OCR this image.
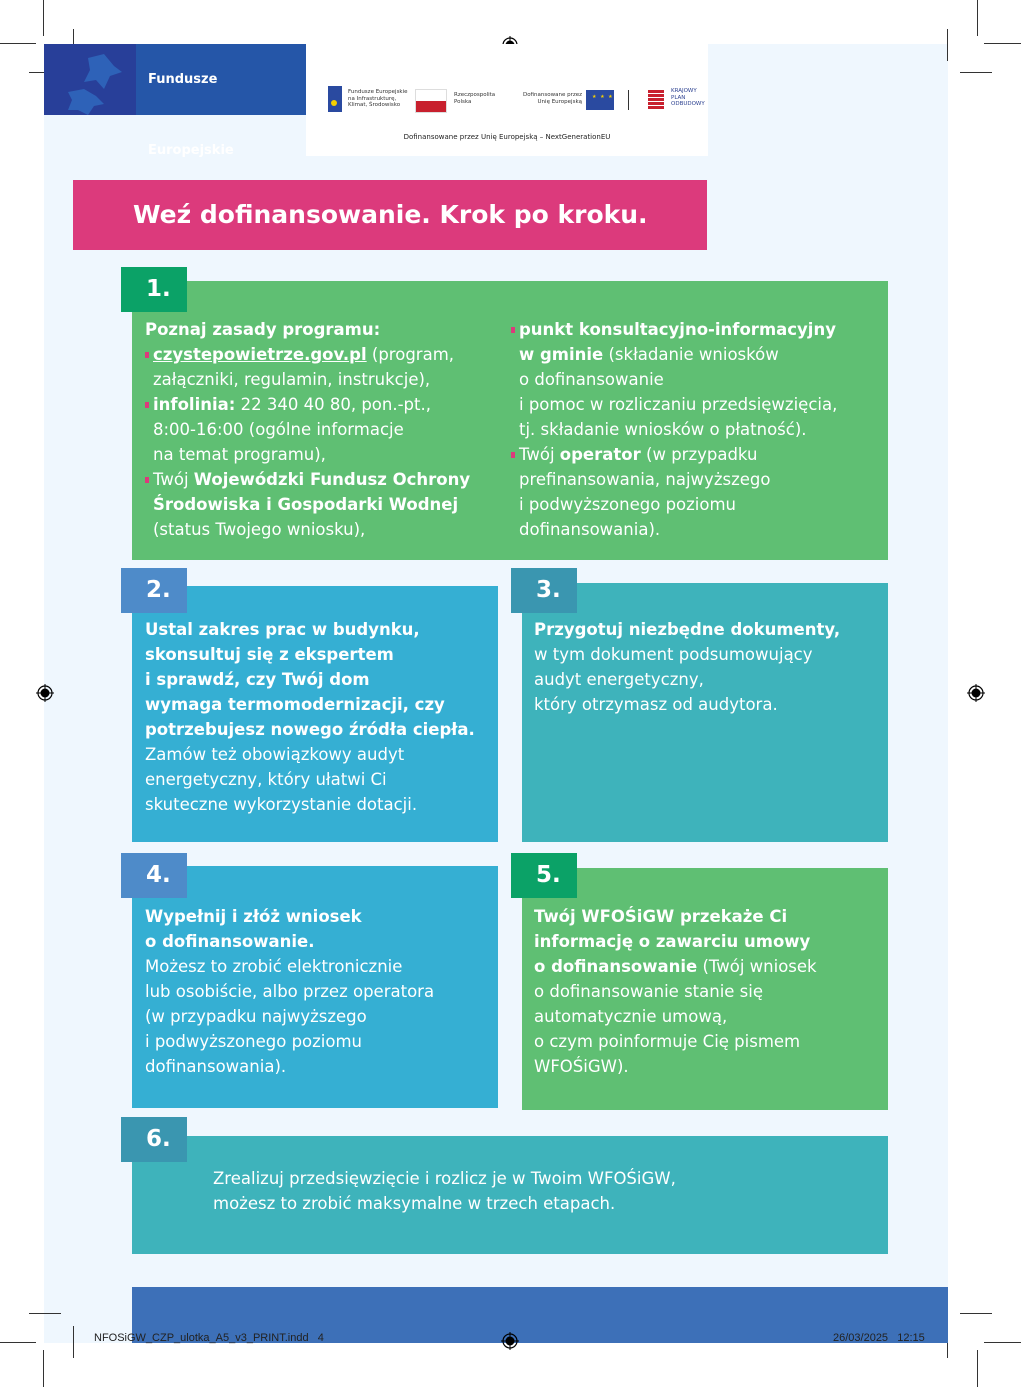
Fundusze Europejskie
Fundusze Europejskie
na Infrastrukturę,
Klimat, Środowisko
Rzeczpospolita
Polska
Dofinansowane przez
Unię Europejską
★ ★ ★
KRAJOWY
PLAN
ODBUDOWY
Dofinansowane przez Unię Europejską – NextGenerationEU
Weź dofinansowanie. Krok po kroku.
1.
Poznaj zasady programu:
czystepowietrze.gov.pl (program,
załączniki, regulamin, instrukcje),
infolinia: 22 340 40 80, pon.-pt.,
8:00-16:00 (ogólne informacje
na temat programu),
Twój Wojewódzki Fundusz Ochrony
Środowiska i Gospodarki Wodnej
(status Twojego wniosku),
punkt konsultacyjno-informacyjny
w gminie (składanie wniosków
o dofinansowanie
i pomoc w rozliczaniu przedsięwzięcia,
tj. składanie wniosków o płatność).
Twój operator (w przypadku
prefinansowania, najwyższego
i podwyższonego poziomu
dofinansowania).
2.
Ustal zakres prac w budynku,
skonsultuj się z ekspertem
i sprawdź, czy Twój dom
wymaga termomodernizacji, czy
potrzebujesz nowego źródła ciepła.
Zamów też obowiązkowy audyt
energetyczny, który ułatwi Ci
skuteczne wykorzystanie dotacji.
3.
Przygotuj niezbędne dokumenty,
w tym dokument podsumowujący
audyt energetyczny,
który otrzymasz od audytora.
4.
Wypełnij i złóż wniosek
o dofinansowanie.
Możesz to zrobić elektronicznie
lub osobiście, albo przez operatora
(w przypadku najwyższego
i podwyższonego poziomu
dofinansowania).
5.
Twój WFOŚiGW przekaże Ci
informację o zawarciu umowy
o dofinansowanie (Twój wniosek
o dofinansowanie stanie się
automatycznie umową,
o czym poinformuje Cię pismem
WFOŚiGW).
6.
Zrealizuj przedsięwzięcie i rozlicz je w Twoim WFOŚiGW,
możesz to zrobić maksymalne w trzech etapach.
NFOSiGW_CZP_ulotka_A5_v3_PRINT.indd   4	26/03/2025   12:15
